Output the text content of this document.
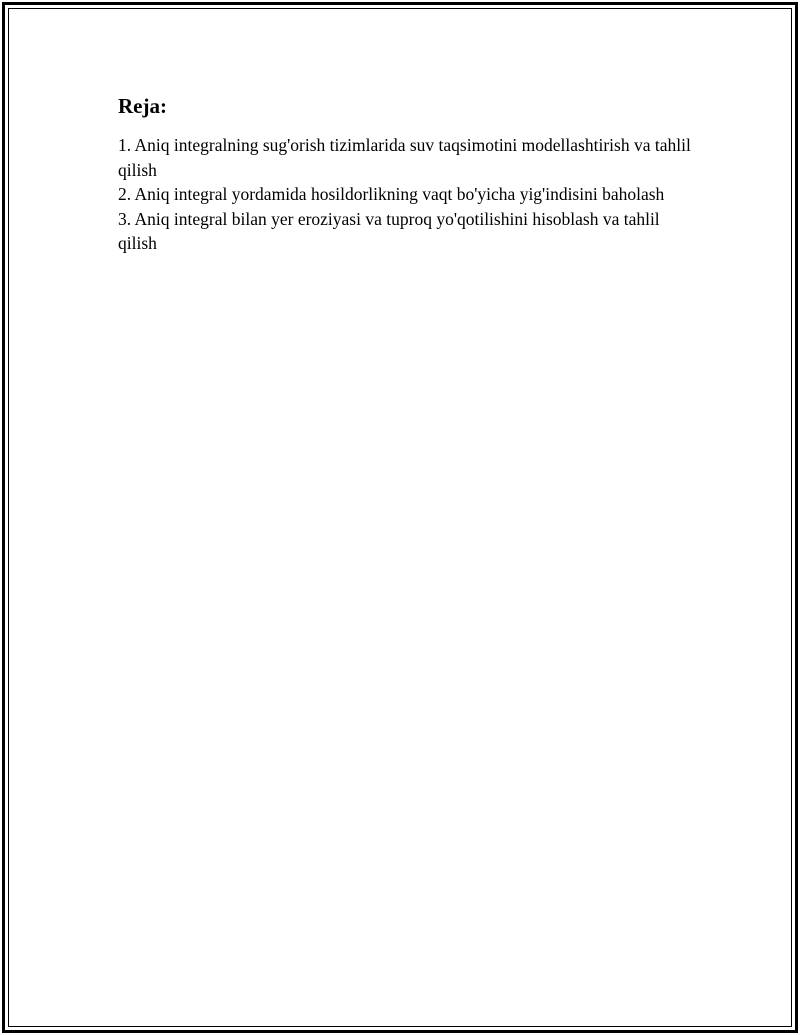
Reja:
1. Aniq integralning sug'orish tizimlarida suv taqsimotini modellashtirish va tahlil qilish
2. Aniq integral yordamida hosildorlikning vaqt bo'yicha yig'indisini baholash
3. Aniq integral bilan yer eroziyasi va tuproq yo'qotilishini hisoblash va tahlil qilish
